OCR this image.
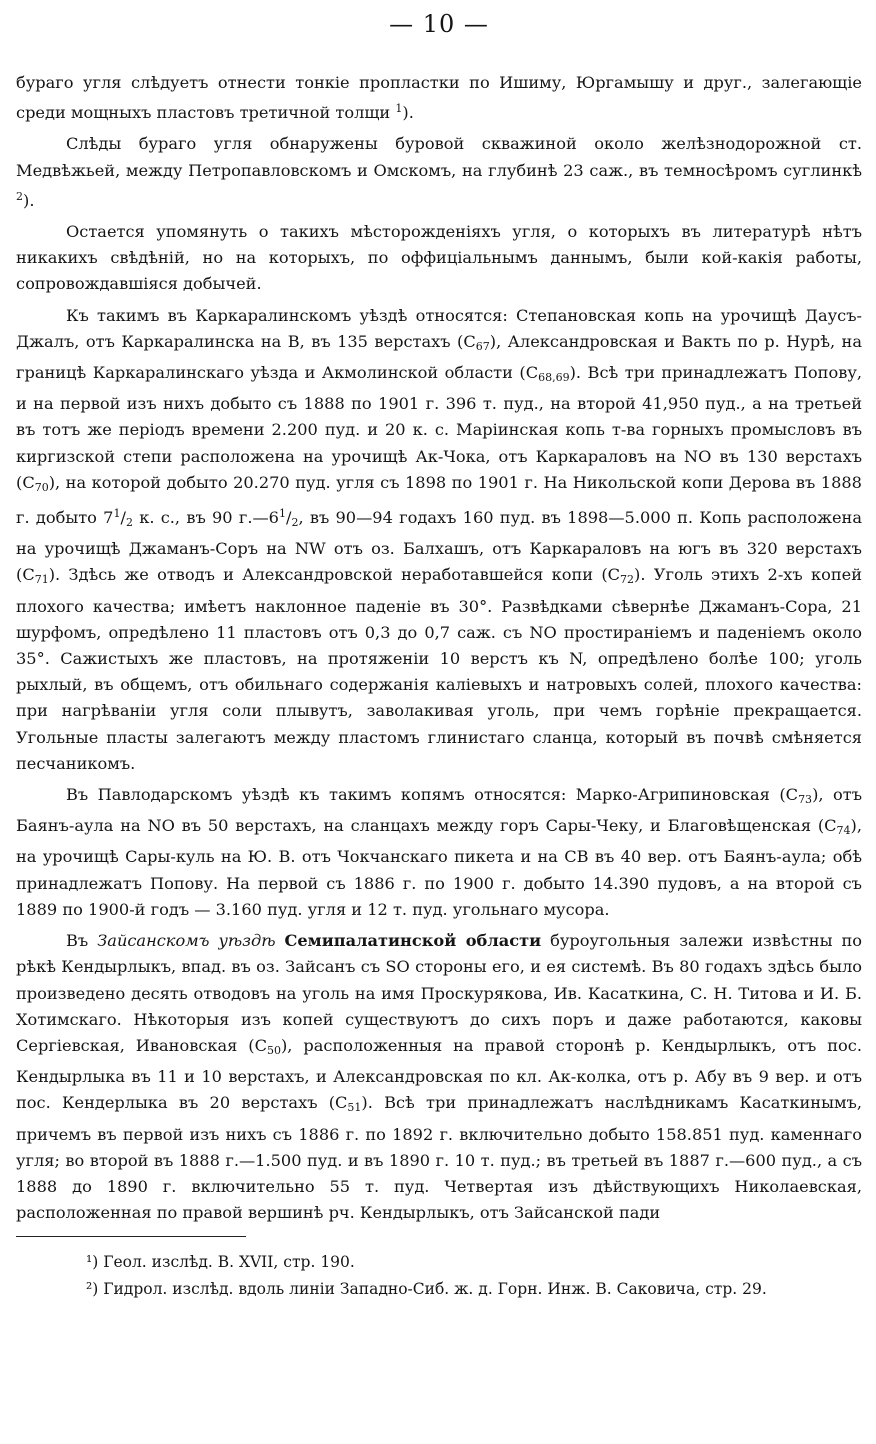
— 10 —

бураго угля слѣдуетъ отнести тонкіе пропластки по Ишиму, Юргамышу и друг., залегающіе среди мощныхъ пластовъ третичной толщи $^1$).

Слѣды бураго угля обнаружены буровой скважиной около желѣзнодорожной ст. Медвѣжьей, между Петропавловскомъ и Омскомъ, на глубинѣ 23 саж., въ темносѣромъ суглинкѣ $^2$).

Остается упомянуть о такихъ мѣсторожденіяхъ угля, о которыхъ въ литературѣ нѣтъ никакихъ свѣдѣній, но на которыхъ, по оффиціальнымъ даннымъ, были кой-какія работы, сопровождавшіяся добычей.

Къ такимъ въ Каркаралинскомъ уѣздѣ относятся: Степановская копь на урочищѣ Даусъ-Джалъ, отъ Каркаралинска на В, въ 135 верстахъ $(С_{67})$, Александровская и Вакть по р. Нурѣ, на границѣ Каркаралинскаго уѣзда и Акмолинской области $(С_{68,69})$. Всѣ три принадлежатъ Попову, и на первой изъ нихъ добыто съ 1888 по 1901 г. 396 т. пуд., на второй 41,950 пуд., а на третьей въ тотъ же періодъ времени 2.200 пуд. и 20 к. с. Маріинская копь т-ва горныхъ промысловъ въ киргизской степи расположена на урочищѣ Ак-Чока, отъ Каркараловъ на NO въ 130 верстахъ $(С_{70})$, на которой добыто 20.270 пуд. угля съ 1898 по 1901 г. На Никольской копи Дерова въ 1888 г. добыто $7^1/_2$ к. с., въ 90 $г.—6^1/_2$, въ 90—94 годахъ 160 пуд. въ 1898—5.000 п. Копь расположена на урочищѣ Джаманъ-Соръ на NW отъ оз. Балхашъ, отъ Каркараловъ на югъ въ 320 верстахъ $(С_{71})$. Здѣсь же отводъ и Александровской неработавшейся копи $(С_{72})$. Уголь этихъ 2-хъ копей плохого качества; имѣетъ наклонное паденіе въ 30°. Развѣдками сѣвернѣе Джаманъ-Сора, 21 шурфомъ, опредѣлено 11 пластовъ отъ 0,3 до 0,7 саж. съ NO простираніемъ и паденіемъ около 35°. Сажистыхъ же пластовъ, на протяженіи 10 верстъ къ N, опредѣлено болѣе 100; уголь рыхлый, въ общемъ, отъ обильнаго содержанія каліевыхъ и натровыхъ солей, плохого качества: при нагрѣваніи угля соли плывутъ, заволакивая уголь, при чемъ горѣніе прекращается. Угольные пласты залегаютъ между пластомъ глинистаго сланца, который въ почвѣ смѣняется песчаникомъ.

Въ Павлодарскомъ уѣздѣ къ такимъ копямъ относятся: Марко-Агрипиновская $(С_{73})$, отъ Баянъ-аула на NO въ 50 верстахъ, на сланцахъ между горъ Сары-Чеку, и Благовѣщенская $(С_{74})$, на урочищѣ Сары-куль на Ю. В. отъ Чокчанскаго пикета и на СВ въ 40 вер. отъ Баянъ-аула; обѣ принадлежатъ Попову. На первой съ 1886 г. по 1900 г. добыто 14.390 пудовъ, а на второй съ 1889 по 1900-й годъ — 3.160 пуд. угля и 12 т. пуд. угольнаго мусора.

Въ Зайсанскомъ уѣздѣ Семипалатинской области буроугольныя залежи извѣстны по рѣкѣ Кендырлыкъ, впад. въ оз. Зайсанъ съ SO стороны его, и ея системѣ. Въ 80 годахъ здѣсь было произведено десять отводовъ на уголь на имя Проскурякова, Ив. Касаткина, С. Н. Титова и И. Б. Хотимскаго. Нѣкоторыя изъ копей существуютъ до сихъ поръ и даже работаются, каковы Сергіевская, Ивановская $(С_{50})$, расположенныя на правой сторонѣ р. Кендырлыкъ, отъ пос. Кендырлыка въ 11 и 10 верстахъ, и Александровская по кл. Ак-колка, отъ р. Абу въ 9 вер. и отъ пос. Кендерлыка въ 20 верстахъ $(С_{51})$. Всѣ три принадлежатъ наслѣдникамъ Касаткинымъ, причемъ въ первой изъ нихъ съ 1886 г. по 1892 г. включительно добыто 158.851 пуд. каменнаго угля; во второй въ 1888 г.—1.500 пуд. и въ 1890 г. 10 т. пуд.; въ третьей въ 1887 г.—600 пуд., а съ 1888 до 1890 г. включительно 55 т. пуд. Четвертая изъ дѣйствующихъ Николаевская, расположенная по правой вершинѣ рч. Кендырлыкъ, отъ Зайсанской пади

¹) Геол. изслѣд. В. XVII, стр. 190.

²) Гидрол. изслѣд. вдоль линіи Западно-Сиб. ж. д. Горн. Инж. В. Саковича, стр. 29.
